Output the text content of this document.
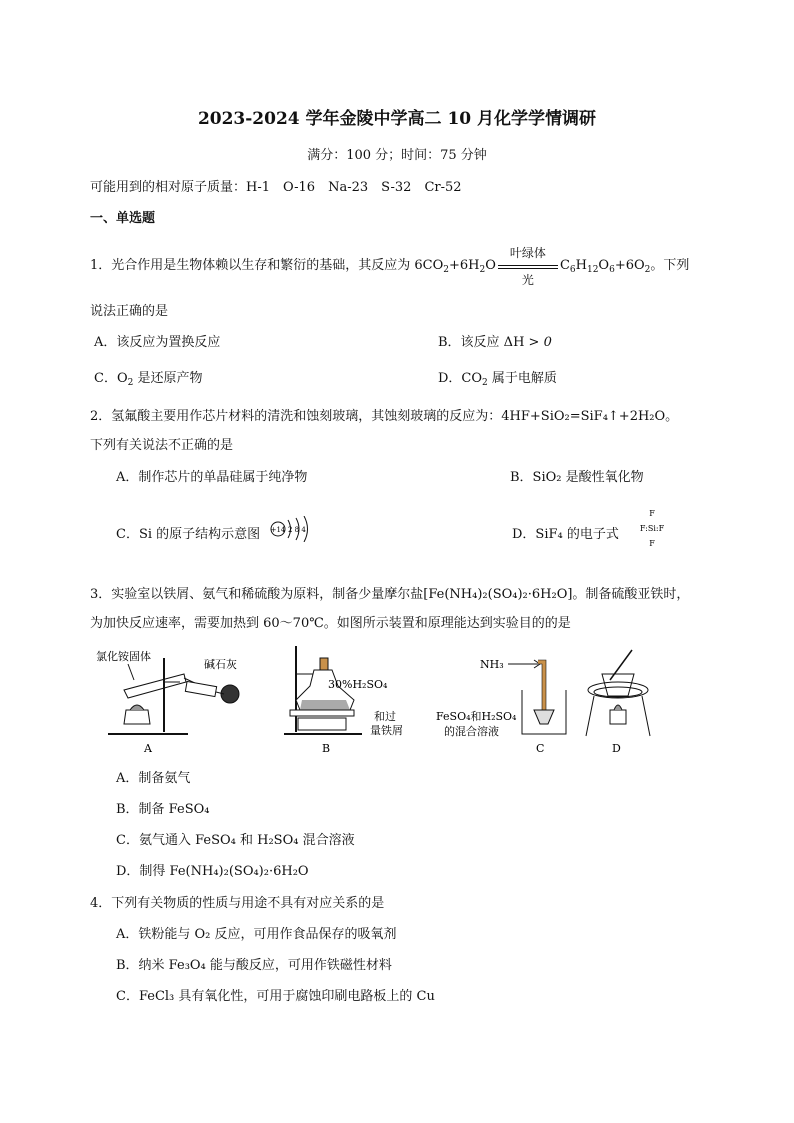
2023-2024 学年金陵中学高二 10 月化学学情调研
满分：100 分；时间：75 分钟
可能用到的相对原子质量：H-1　O-16　Na-23　S-32　Cr-52
一、单选题
1．光合作用是生物体赖以生存和繁衍的基础，其反应为 $6CO_2+6H_2O$
叶绿体
光
$C_6H_{12}O_6+6O_2$。下列
说法正确的是
A．该反应为置换反应	B．该反应 ΔH > 0
C．$O_2$ 是还原产物	D．$CO_2$ 属于电解质
2．氢氟酸主要用作芯片材料的清洗和蚀刻玻璃，其蚀刻玻璃的反应为：4HF+SiO₂=SiF₄↑+2H₂O。
下列有关说法不正确的是
A．制作芯片的单晶硅属于纯净物	B．SiO₂ 是酸性氧化物
C．Si 的原子结构示意图 +14 2 8 4	D．SiF₄ 的电子式
F
F:Si:F
F
3．实验室以铁屑、氨气和稀硫酸为原料，制备少量摩尔盐[Fe(NH₄)₂(SO₄)₂·6H₂O]。制备硫酸亚铁时，
为加快反应速率，需要加热到 60～70℃。如图所示装置和原理能达到实验目的的是
氯化铵固体
碱石灰
A
30%H₂SO₄
和过
量铁屑
B
NH₃
FeSO₄和H₂SO₄
的混合溶液
C	D
A．制备氨气
B．制备 FeSO₄
C．氨气通入 FeSO₄ 和 H₂SO₄ 混合溶液
D．制得 Fe(NH₄)₂(SO₄)₂·6H₂O
4．下列有关物质的性质与用途不具有对应关系的是
A．铁粉能与 O₂ 反应，可用作食品保存的吸氧剂
B．纳米 Fe₃O₄ 能与酸反应，可用作铁磁性材料
C．FeCl₃ 具有氧化性，可用于腐蚀印刷电路板上的 Cu
